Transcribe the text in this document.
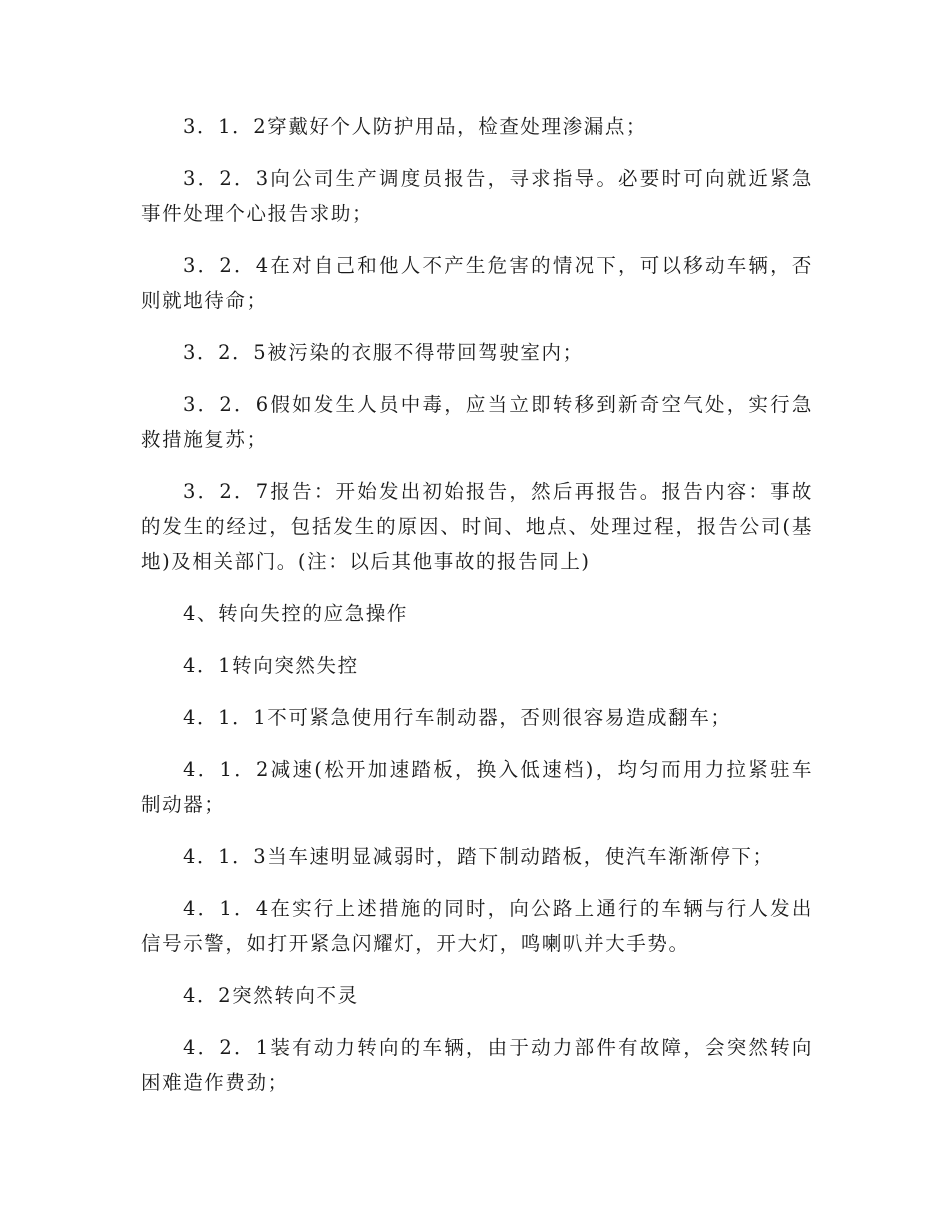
3．1．2穿戴好个人防护用品，检查处理渗漏点；

3．2．3向公司生产调度员报告，寻求指导。必要时可向就近紧急事件处理个心报告求助；

3．2．4在对自己和他人不产生危害的情况下，可以移动车辆，否则就地待命；

3．2．5被污染的衣服不得带回驾驶室内；

3．2．6假如发生人员中毒，应当立即转移到新奇空气处，实行急救措施复苏；

3．2．7报告：开始发出初始报告，然后再报告。报告内容：事故的发生的经过，包括发生的原因、时间、地点、处理过程，报告公司(基地)及相关部门。(注：以后其他事故的报告同上)

4、转向失控的应急操作

4．1转向突然失控

4．1．1不可紧急使用行车制动器，否则很容易造成翻车；

4．1．2减速(松开加速踏板，换入低速档)，均匀而用力拉紧驻车制动器；

4．1．3当车速明显减弱时，踏下制动踏板，使汽车渐渐停下；

4．1．4在实行上述措施的同时，向公路上通行的车辆与行人发出信号示警，如打开紧急闪耀灯，开大灯，鸣喇叭并大手势。

4．2突然转向不灵

4．2．1装有动力转向的车辆，由于动力部件有故障，会突然转向困难造作费劲；
